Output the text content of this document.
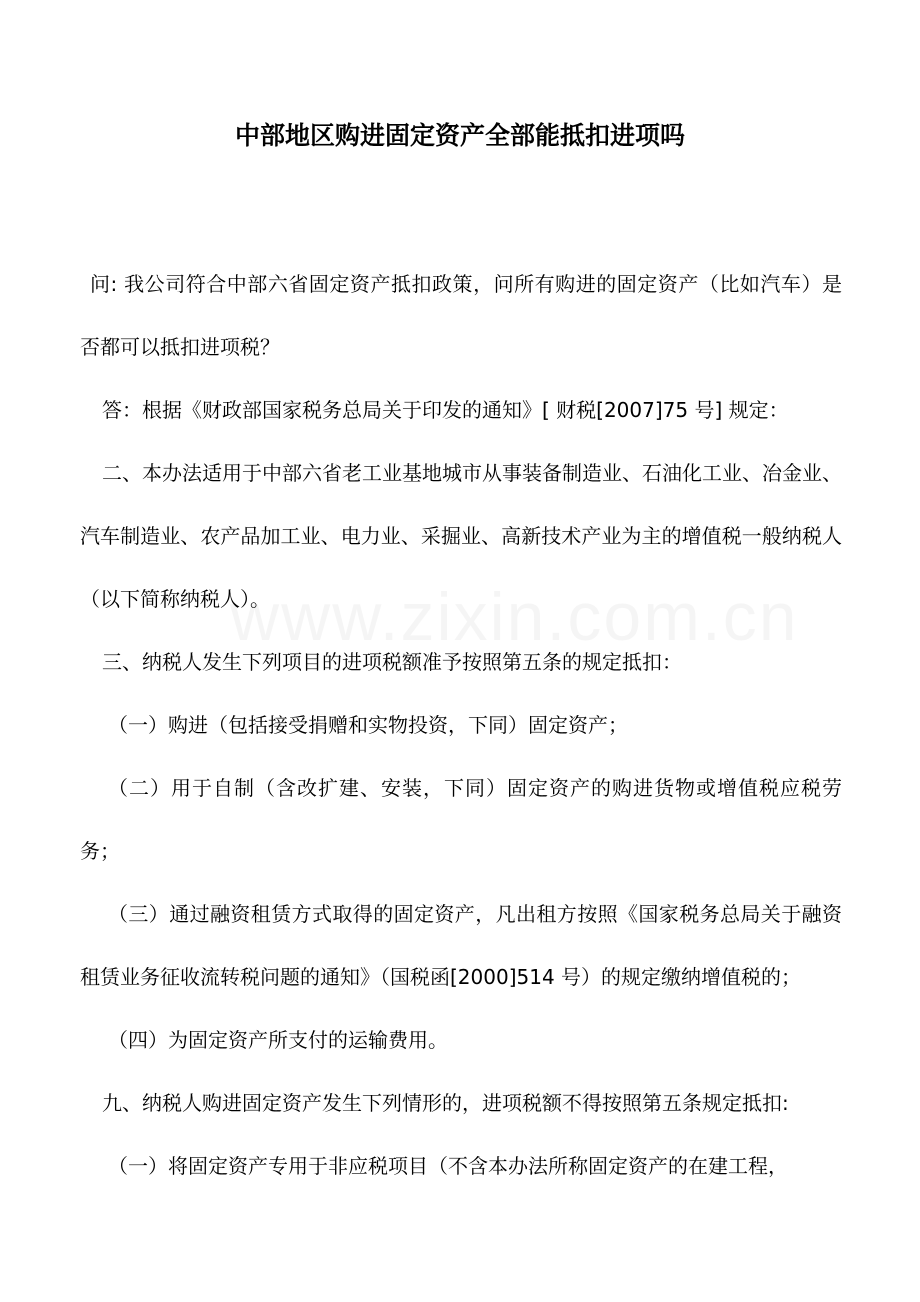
中部地区购进固定资产全部能抵扣进项吗

问: 我公司符合中部六省固定资产抵扣政策，问所有购进的固定资产（比如汽车）是否都可以抵扣进项税？

答：根据《财政部国家税务总局关于印发的通知》[ 财税[2007]75 号] 规定：

二、本办法适用于中部六省老工业基地城市从事装备制造业、石油化工业、冶金业、汽车制造业、农产品加工业、电力业、采掘业、高新技术产业为主的增值税一般纳税人（以下简称纳税人）。

三、纳税人发生下列项目的进项税额准予按照第五条的规定抵扣：

（一）购进（包括接受捐赠和实物投资，下同）固定资产；

（二）用于自制（含改扩建、安装，下同）固定资产的购进货物或增值税应税劳务；

（三）通过融资租赁方式取得的固定资产，凡出租方按照《国家税务总局关于融资租赁业务征收流转税问题的通知》（国税函[2000]514 号）的规定缴纳增值税的；

（四）为固定资产所支付的运输费用。

九、纳税人购进固定资产发生下列情形的，进项税额不得按照第五条规定抵扣:

（一）将固定资产专用于非应税项目（不含本办法所称固定资产的在建工程，
